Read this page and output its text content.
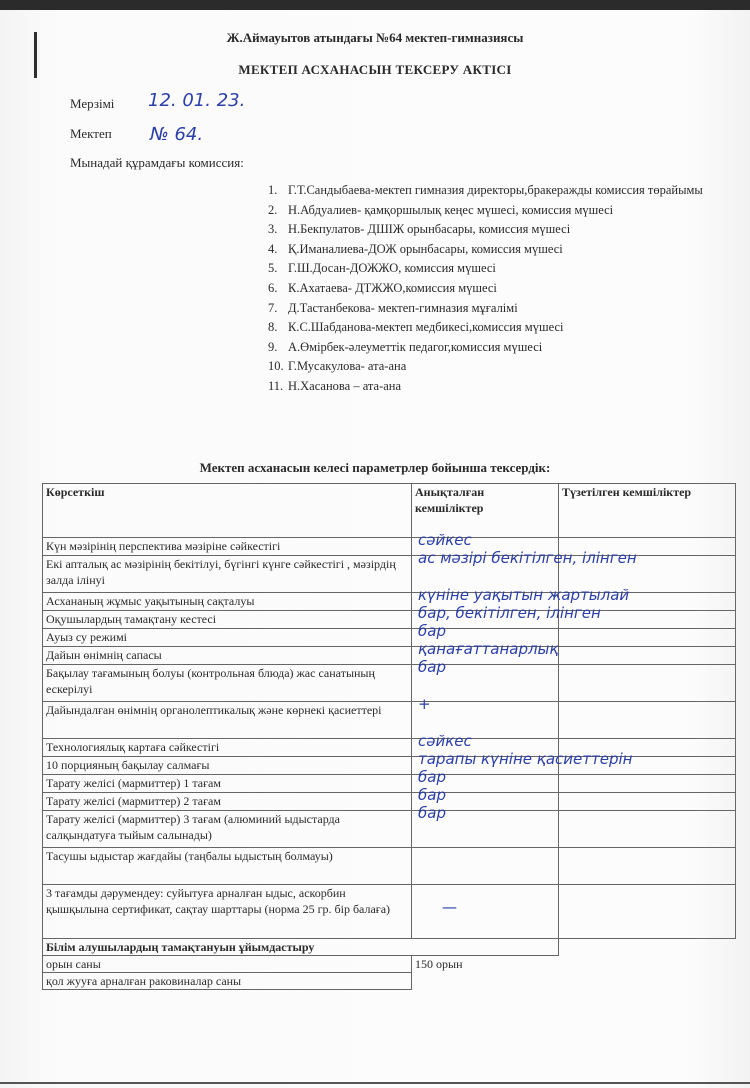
Ж.Аймауытов атындағы №64 мектеп-гимназиясы
МЕКТЕП АСХАНАСЫН ТЕКСЕРУ АКТІСІ
Мерзімі 12. 01. 23.
Мектеп № 64.
Мынадай құрамдағы комиссия:
1. Г.Т.Сандыбаева-мектеп гимназия директоры,бракеражды комиссия төрайымы
2. Н.Абдуалиев- қамқоршылық кеңес мүшесі, комиссия мүшесі
3. Н.Бекпулатов- ДШІЖ орынбасары, комиссия мүшесі
4. Қ.Иманалиева-ДОЖ орынбасары, комиссия мүшесі
5. Г.Ш.Досан-ДОЖЖО, комиссия мүшесі
6. К.Ахатаева- ДТЖЖО,комиссия мүшесі
7. Д.Тастанбекова- мектеп-гимназия мұғалімі
8. К.С.Шабданова-мектеп медбикесі,комиссия мүшесі
9. А.Өмірбек-әлеуметтік педагог,комиссия мүшесі
10. Г.Мусакулова- ата-ана
11. Н.Хасанова – ата-ана
Мектеп асханасын келесі параметрлер бойынша тексердік:
Көрсеткіш	Анықталған кемшіліктер	Түзетілген кемшіліктер
Күн мәзірінің перспектива мәзіріне сәйкестігі	сәйкес	

Екі апталық ас мәзірінің бекітілуі, бүгінгі күнге сәйкестігі , мәзірдің залда ілінуі	ас мәзірі бекітілген, ілінген	

Асхананың жұмыс уақытының сақталуы	күніне уақытын жартылай	

Оқушылардың тамақтану кестесі	бар, бекітілген, ілінген	

Ауыз су режимі	бар	

Дайын өнімнің сапасы	қанағаттанарлық	

Бақылау тағамының болуы (контрольная блюда) жас санатының ескерілуі	бар	

Дайындалған өнімнің органолептикалық және көрнекі қасиеттері	+	

Технологиялық картаға сәйкестігі	сәйкес	

10 порцияның бақылау салмағы	тарапы күніне қасиеттерін	

Тарату желісі (мармиттер) 1 тағам	бар	

Тарату желісі (мармиттер) 2 тағам	бар	

Тарату желісі (мармиттер) 3 тағам (алюминий ыдыстарда салқындатуға тыйым салынады)	бар	

Тасушы ыдыстар жағдайы (таңбалы ыдыстың болмауы)	

3 тағамды дәрумендеу: суйытуға арналған ыдыс, аскорбин қышқылына сертификат, сақтау шарттары (норма 25 гр. бір балаға)	—	

Білім алушылардың тамақтануын ұйымдастыру		
орын саны	150 орын	
қол жууға арналған раковиналар саны		
